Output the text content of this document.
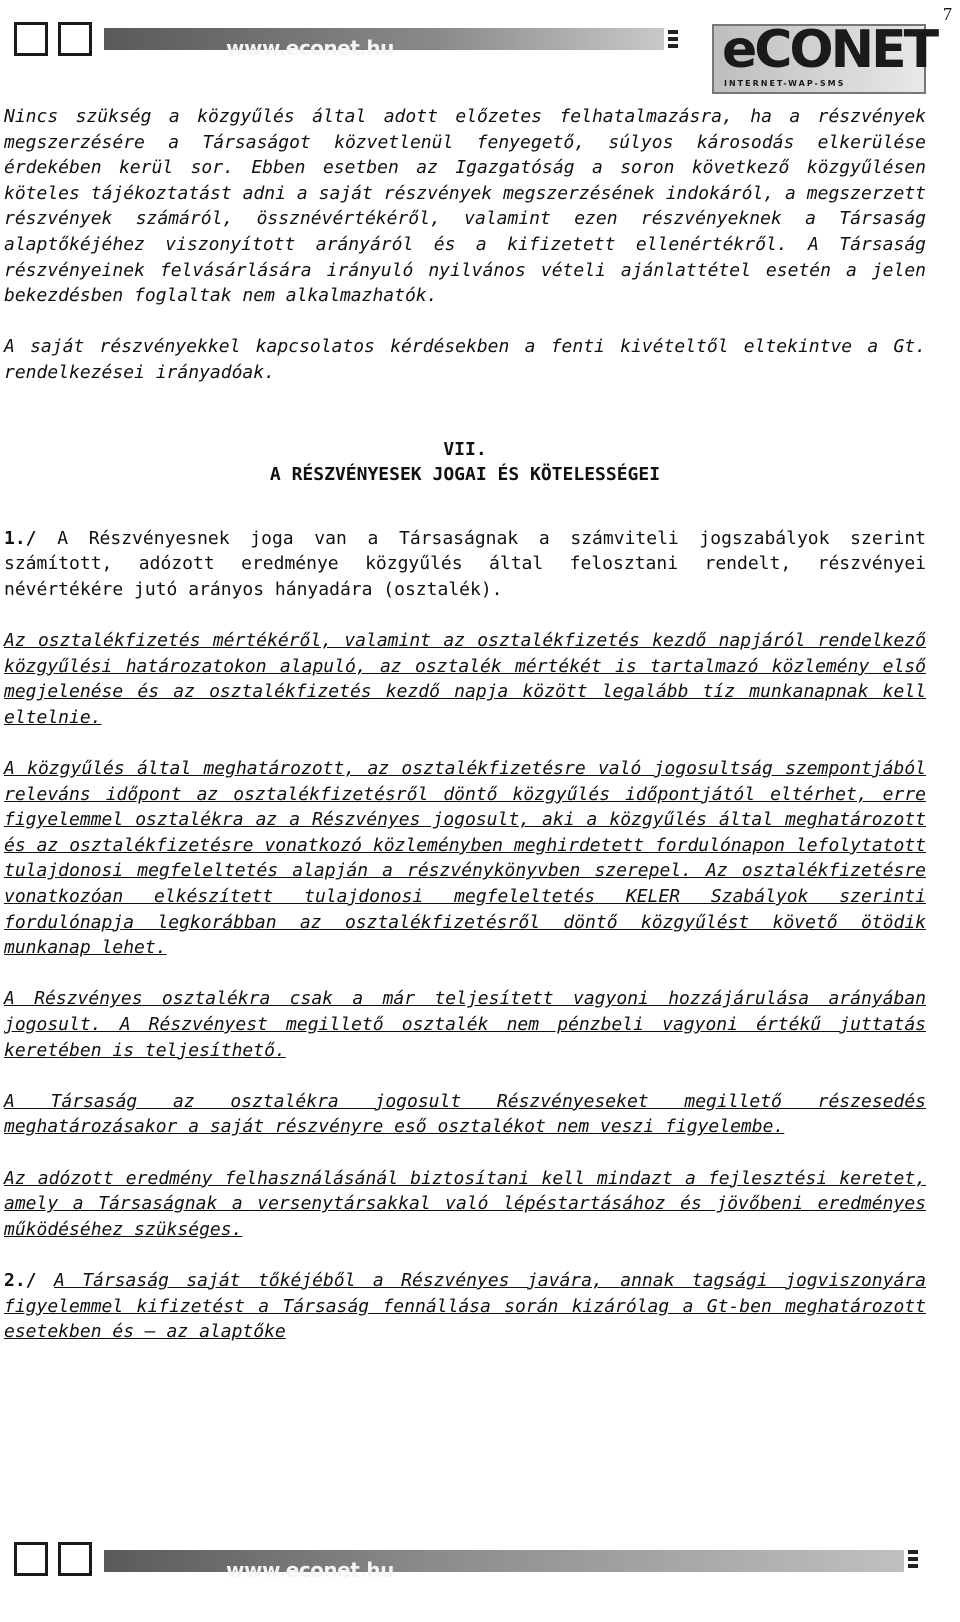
7
www.econet.hu	eCONET
INTERNET-WAP-SMS

Nincs szükség a közgyűlés által adott előzetes felhatalmazásra, ha a részvények megszerzésére a Társaságot közvetlenül fenyegető, súlyos károsodás elkerülése érdekében kerül sor. Ebben esetben az Igazgatóság a soron következő közgyűlésen köteles tájékoztatást adni a saját részvények megszerzésének indokáról, a megszerzett részvények számáról, össznévértékéről, valamint ezen részvényeknek a Társaság alaptőkéjéhez viszonyított arányáról és a kifizetett ellenértékről. A Társaság részvényeinek felvásárlására irányuló nyilvános vételi ajánlattétel esetén a jelen bekezdésben foglaltak nem alkalmazhatók.

A saját részvényekkel kapcsolatos kérdésekben a fenti kivételtől eltekintve a Gt. rendelkezései irányadóak.

VII.
A RÉSZVÉNYESEK JOGAI ÉS KÖTELESSÉGEI

1./ A Részvényesnek joga van a Társaságnak a számviteli jogszabályok szerint számított, adózott eredménye közgyűlés által felosztani rendelt, részvényei névértékére jutó arányos hányadára (osztalék).

Az osztalékfizetés mértékéről, valamint az osztalékfizetés kezdő napjáról rendelkező közgyűlési határozatokon alapuló, az osztalék mértékét is tartalmazó közlemény első megjelenése és az osztalékfizetés kezdő napja között legalább tíz munkanapnak kell eltelnie.

A közgyűlés által meghatározott, az osztalékfizetésre való jogosultság szempontjából releváns időpont az osztalékfizetésről döntő közgyűlés időpontjától eltérhet, erre figyelemmel osztalékra az a Részvényes jogosult, aki a közgyűlés által meghatározott és az osztalékfizetésre vonatkozó közleményben meghirdetett fordulónapon lefolytatott tulajdonosi megfeleltetés alapján a részvénykönyvben szerepel. Az osztalékfizetésre vonatkozóan elkészített tulajdonosi megfeleltetés KELER Szabályok szerinti fordulónapja legkorábban az osztalékfizetésről döntő közgyűlést követő ötödik munkanap lehet.

A Részvényes osztalékra csak a már teljesített vagyoni hozzájárulása arányában jogosult. A Részvényest megillető osztalék nem pénzbeli vagyoni értékű juttatás keretében is teljesíthető.

A Társaság az osztalékra jogosult Részvényeseket megillető részesedés meghatározásakor a saját részvényre eső osztalékot nem veszi figyelembe.

Az adózott eredmény felhasználásánál biztosítani kell mindazt a fejlesztési keretet, amely a Társaságnak a versenytársakkal való lépéstartásához és jövőbeni eredményes működéséhez szükséges.

2./ A Társaság saját tőkéjéből a Részvényes javára, annak tagsági jogviszonyára figyelemmel kifizetést a Társaság fennállása során kizárólag a Gt-ben meghatározott esetekben és – az alaptőke

www.econet.hu
